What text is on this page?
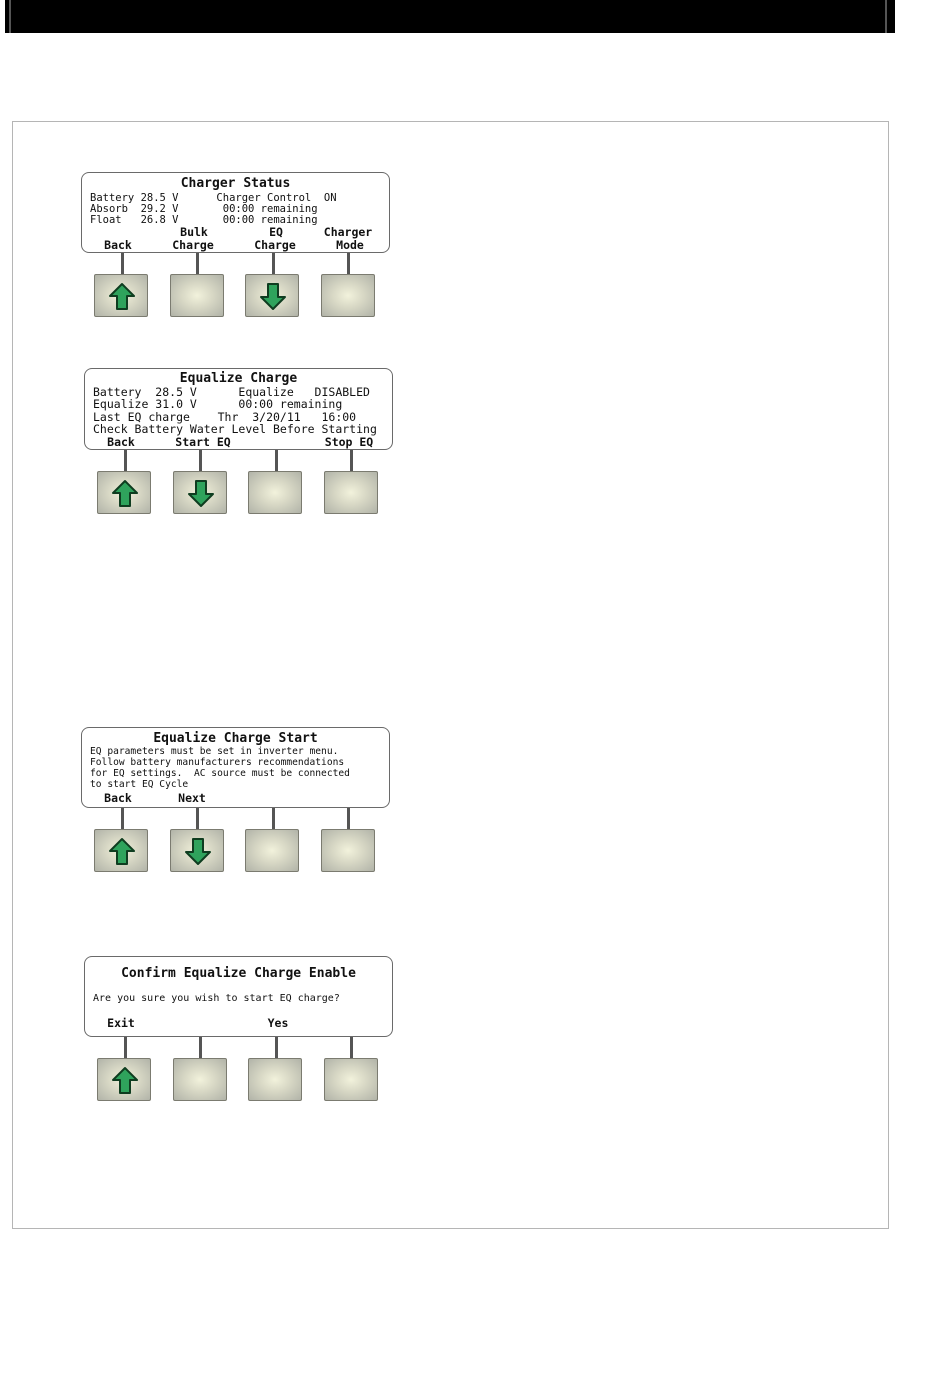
Charger Status
Battery 28.5 V      Charger Control  ON
Absorb  29.2 V       00:00 remaining
Float   26.8 V       00:00 remaining
Bulk	EQ	Charger
Back	Charge	Charge	Mode
Equalize Charge
Battery  28.5 V      Equalize   DISABLED
Equalize 31.0 V      00:00 remaining
Last EQ charge    Thr  3/20/11   16:00
Check Battery Water Level Before Starting
Back	Start EQ	Stop EQ
Equalize Charge Start
EQ parameters must be set in inverter menu.
Follow battery manufacturers recommendations
for EQ settings.  AC source must be connected
to start EQ Cycle
Back	Next
Confirm Equalize Charge Enable
Are you sure you wish to start EQ charge?
Exit	Yes
